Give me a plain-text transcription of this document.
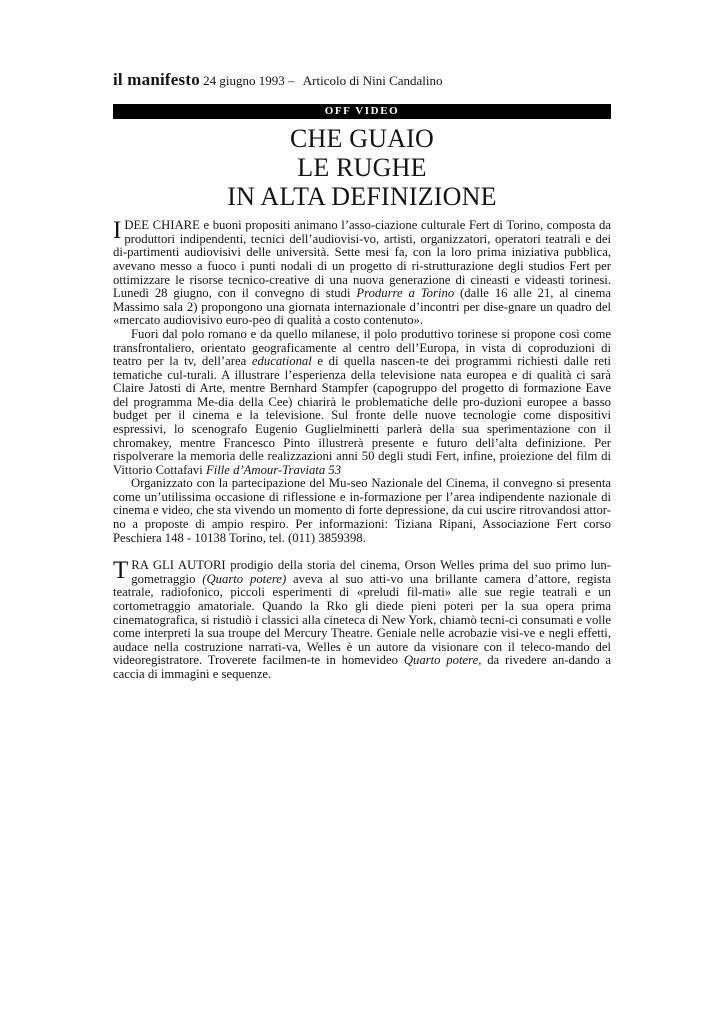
il manifesto 24 giugno 1993 – Articolo di Nini Candalino
OFF VIDEO
CHE GUAIO
LE RUGHE
IN ALTA DEFINIZIONE

IDEE CHIARE e buoni propositi animano l’asso-ciazione culturale Fert di Torino, composta da produttori indipendenti, tecnici dell’audiovisi-vo, artisti, organizzatori, operatori teatrali e dei di-partimenti audiovisivi delle università. Sette mesi fa, con la loro prima iniziativa pubblica, avevano messo a fuoco i punti nodali di un progetto di ri-strutturazione degli studios Fert per ottimizzare le risorse tecnico-creative di una nuova generazione di cineasti e videasti torinesi. Lunedì 28 giugno, con il convegno di studi Produrre a Torino (dalle 16 alle 21, al cinema Massimo sala 2) propongono una giornata internazionale d’incontri per dise-gnare un quadro del «mercato audiovisivo euro-peo di qualità a costo contenuto».

Fuori dal polo romano e da quello milanese, il polo produttivo torinese si propone così come transfrontaliero, orientato geograficamente al centro dell’Europa, in vista di coproduzioni di teatro per la tv, dell’area educational e di quella nascen-te dei programmi richiesti dalle reti tematiche cul-turali. A illustrare l’esperienza della televisione nata europea e di qualità ci sarà Claire Jatosti di Arte, mentre Bernhard Stampfer (capogruppo del progetto di formazione Eave del programma Me-dia della Cee) chiarirà le problematiche delle pro-duzioni europee a basso budget per il cinema e la televisione. Sul fronte delle nuove tecnologie come dispositivi espressivi, lo scenografo Eugenio Guglielminetti parlerà della sua sperimentazione con il chromakey, mentre Francesco Pinto illustrerà presente e futuro dell’alta definizione. Per rispolverare la memoria delle realizzazioni anni 50 degli studi Fert, infine, proiezione del film di Vittorio Cottafavi Fille d’Amour-Traviata 53

Organizzato con la partecipazione del Mu-seo Nazionale del Cinema, il convegno si presenta come un’utilissima occasione di riflessione e in-formazione per l’area indipendente nazionale di cinema e video, che sta vivendo un momento di forte depressione, da cui uscire ritrovandosi attor-no a proposte di ampio respiro. Per informazioni: Tiziana Ripani, Associazione Fert corso Peschiera 148 - 10138 Torino, tel. (011) 3859398.

TRA GLI AUTORI prodigio della storia del cinema, Orson Welles prima del suo primo lun-gometraggio (Quarto potere) aveva al suo atti-vo una brillante camera d’attore, regista teatrale, radiofonico, piccoli esperimenti di «preludi fil-mati» alle sue regie teatrali e un cortometraggio amatoriale. Quando la Rko gli diede pieni poteri per la sua opera prima cinematografica, si ristudiò i classici alla cineteca di New York, chiamò tecni-ci consumati e volle come interpreti la sua troupe del Mercury Theatre. Geniale nelle acrobazie visi-ve e negli effetti, audace nella costruzione narrati-va, Welles è un autore da visionare con il teleco-mando del videoregistratore. Troverete facilmen-te in homevideo Quarto potere, da rivedere an-dando a caccia di immagini e sequenze.
